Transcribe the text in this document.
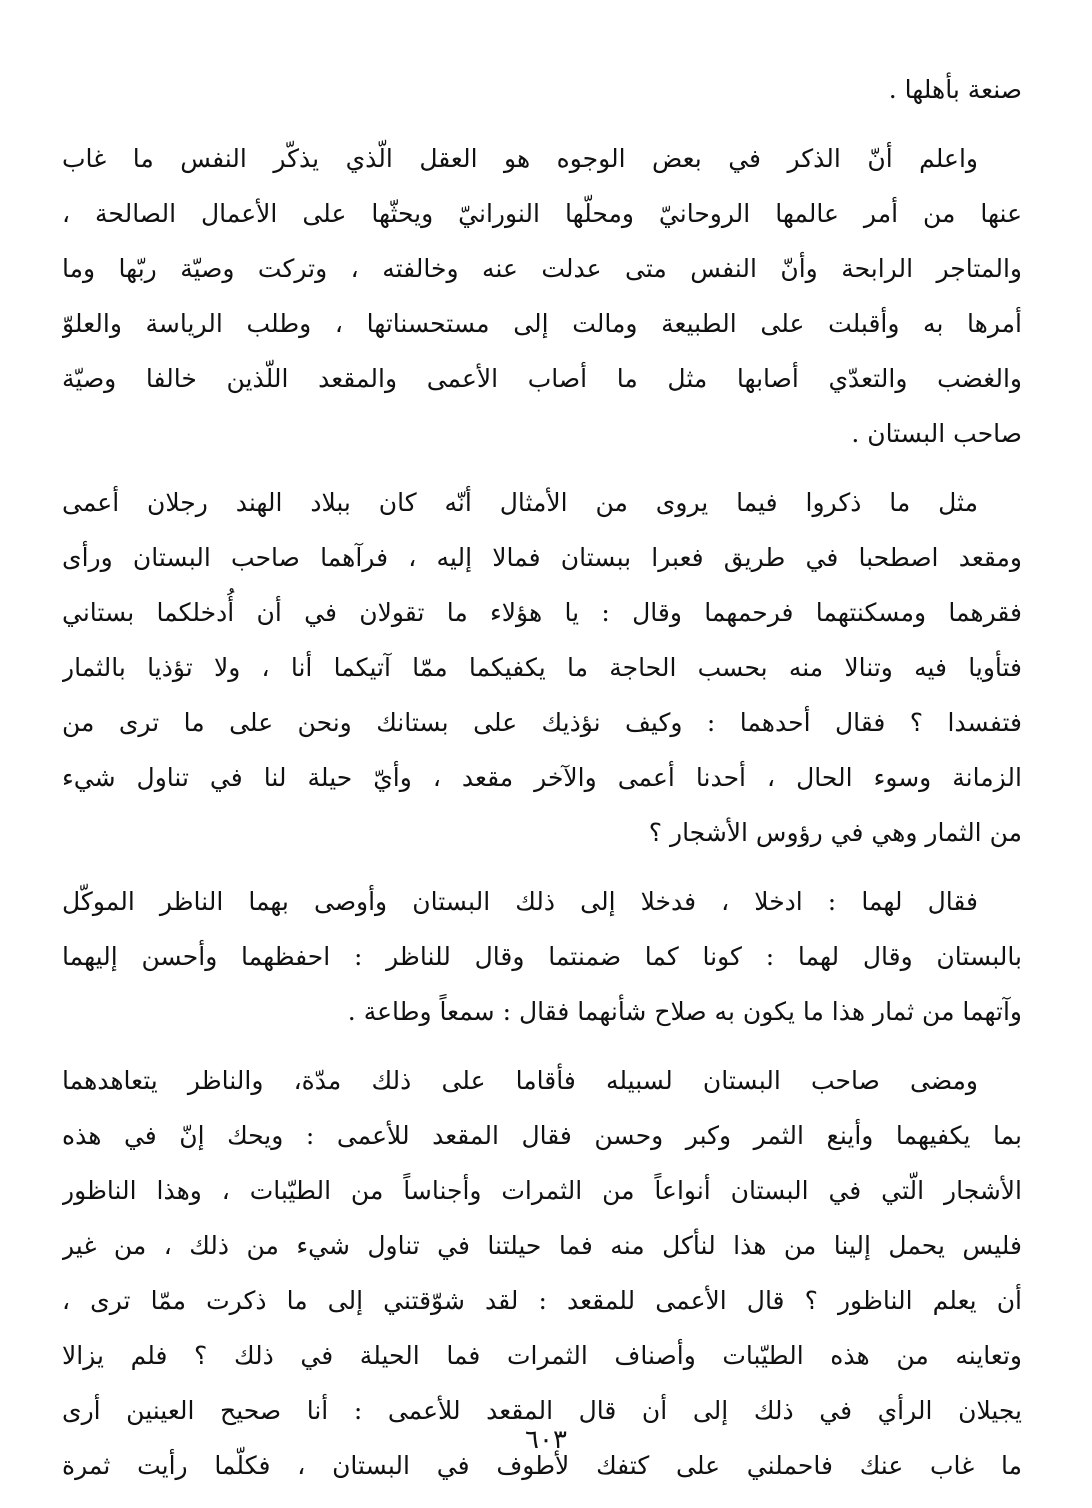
صنعة بأهلها .
واعلم أنّ الذكر في بعض الوجوه هو العقل الّذي يذكّر النفس ما غاب
عنها من أمر عالمها الروحانيّ ومحلّها النورانيّ ويحثّها على الأعمال الصالحة ،
والمتاجر الرابحة وأنّ النفس متى عدلت عنه وخالفته ، وتركت وصيّة ربّها وما
أمرها به وأقبلت على الطبيعة ومالت إلى مستحسناتها ، وطلب الرياسة والعلوّ
والغضب والتعدّي أصابها مثل ما أصاب الأعمى والمقعد اللّذين خالفا وصيّة
صاحب البستان .
مثل ما ذكروا فيما يروى من الأمثال أنّه كان ببلاد الهند رجلان أعمى
ومقعد اصطحبا في طريق فعبرا ببستان فمالا إليه ، فرآهما صاحب البستان ورأى
فقرهما ومسكنتهما فرحمهما وقال : يا هؤلاء ما تقولان في أن أُدخلكما بستاني
فتأويا فيه وتنالا منه بحسب الحاجة ما يكفيكما ممّا آتيكما أنا ، ولا تؤذيا بالثمار
فتفسدا ؟ فقال أحدهما : وكيف نؤذيك على بستانك ونحن على ما ترى من
الزمانة وسوء الحال ، أحدنا أعمى والآخر مقعد ، وأيّ حيلة لنا في تناول شيء
من الثمار وهي في رؤوس الأشجار ؟
فقال لهما : ادخلا ، فدخلا إلى ذلك البستان وأوصى بهما الناظر الموكّل
بالبستان وقال لهما : كونا كما ضمنتما وقال للناظر : احفظهما وأحسن إليهما
وآتهما من ثمار هذا ما يكون به صلاح شأنهما فقال : سمعاً وطاعة .
ومضى صاحب البستان لسبيله فأقاما على ذلك مدّة، والناظر يتعاهدهما
بما يكفيهما وأينع الثمر وكبر وحسن فقال المقعد للأعمى : ويحك إنّ في هذه
الأشجار الّتي في البستان أنواعاً من الثمرات وأجناساً من الطيّبات ، وهذا الناظور
فليس يحمل إلينا من هذا لنأكل منه فما حيلتنا في تناول شيء من ذلك ، من غير
أن يعلم الناظور ؟ قال الأعمى للمقعد : لقد شوّقتني إلى ما ذكرت ممّا ترى ،
وتعاينه من هذه الطيّبات وأصناف الثمرات فما الحيلة في ذلك ؟ فلم يزالا
يجيلان الرأي في ذلك إلى أن قال المقعد للأعمى : أنا صحيح العينين أرى
ما غاب عنك فاحملني على كتفك لأطوف في البستان ، فكلّما رأيت ثمرة
٦٠٣
